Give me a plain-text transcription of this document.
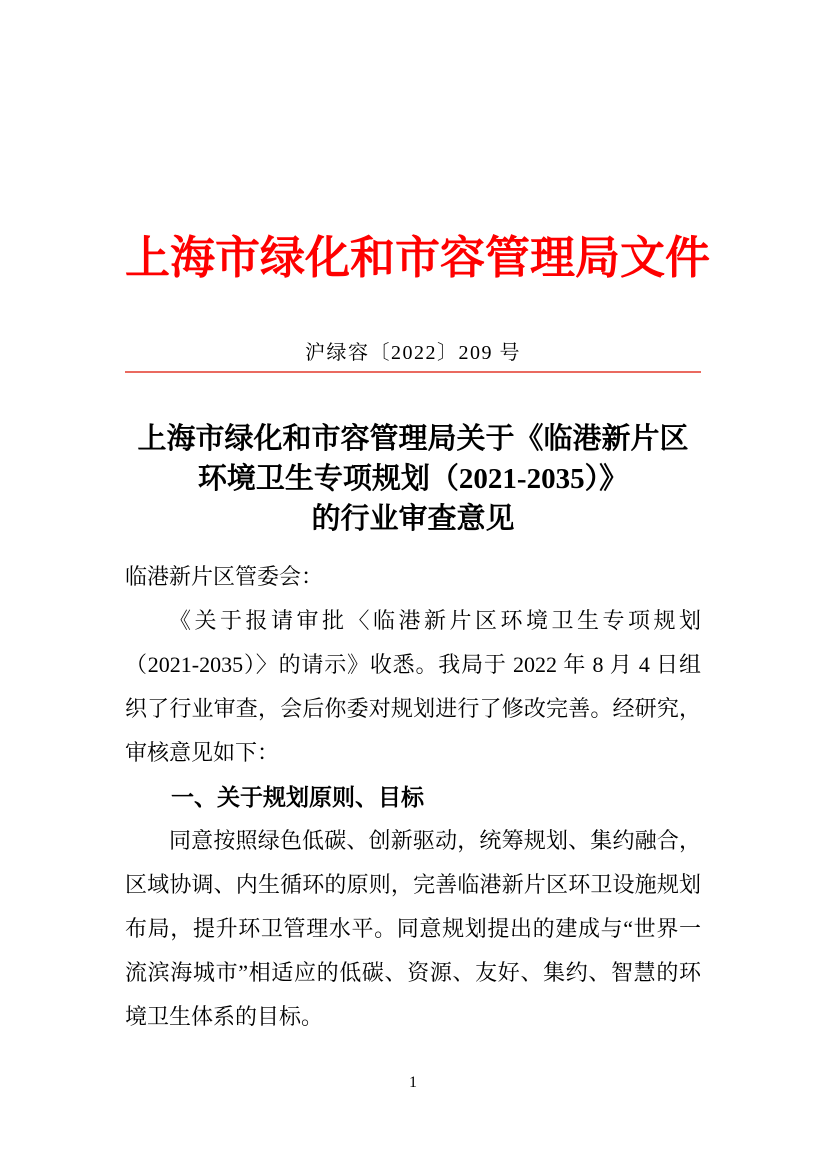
上海市绿化和市容管理局文件
沪绿容〔2022〕209 号
上海市绿化和市容管理局关于《临港新片区
环境卫生专项规划（2021-2035）》
的行业审查意见

临港新片区管委会：

《关于报请审批〈临港新片区环境卫生专项规划（2021-2035）〉的请示》收悉。我局于 2022 年 8 月 4 日组织了行业审查，会后你委对规划进行了修改完善。经研究，审核意见如下：

一、关于规划原则、目标

同意按照绿色低碳、创新驱动，统筹规划、集约融合，区域协调、内生循环的原则，完善临港新片区环卫设施规划布局，提升环卫管理水平。同意规划提出的建成与“世界一流滨海城市”相适应的低碳、资源、友好、集约、智慧的环境卫生体系的目标。

1
